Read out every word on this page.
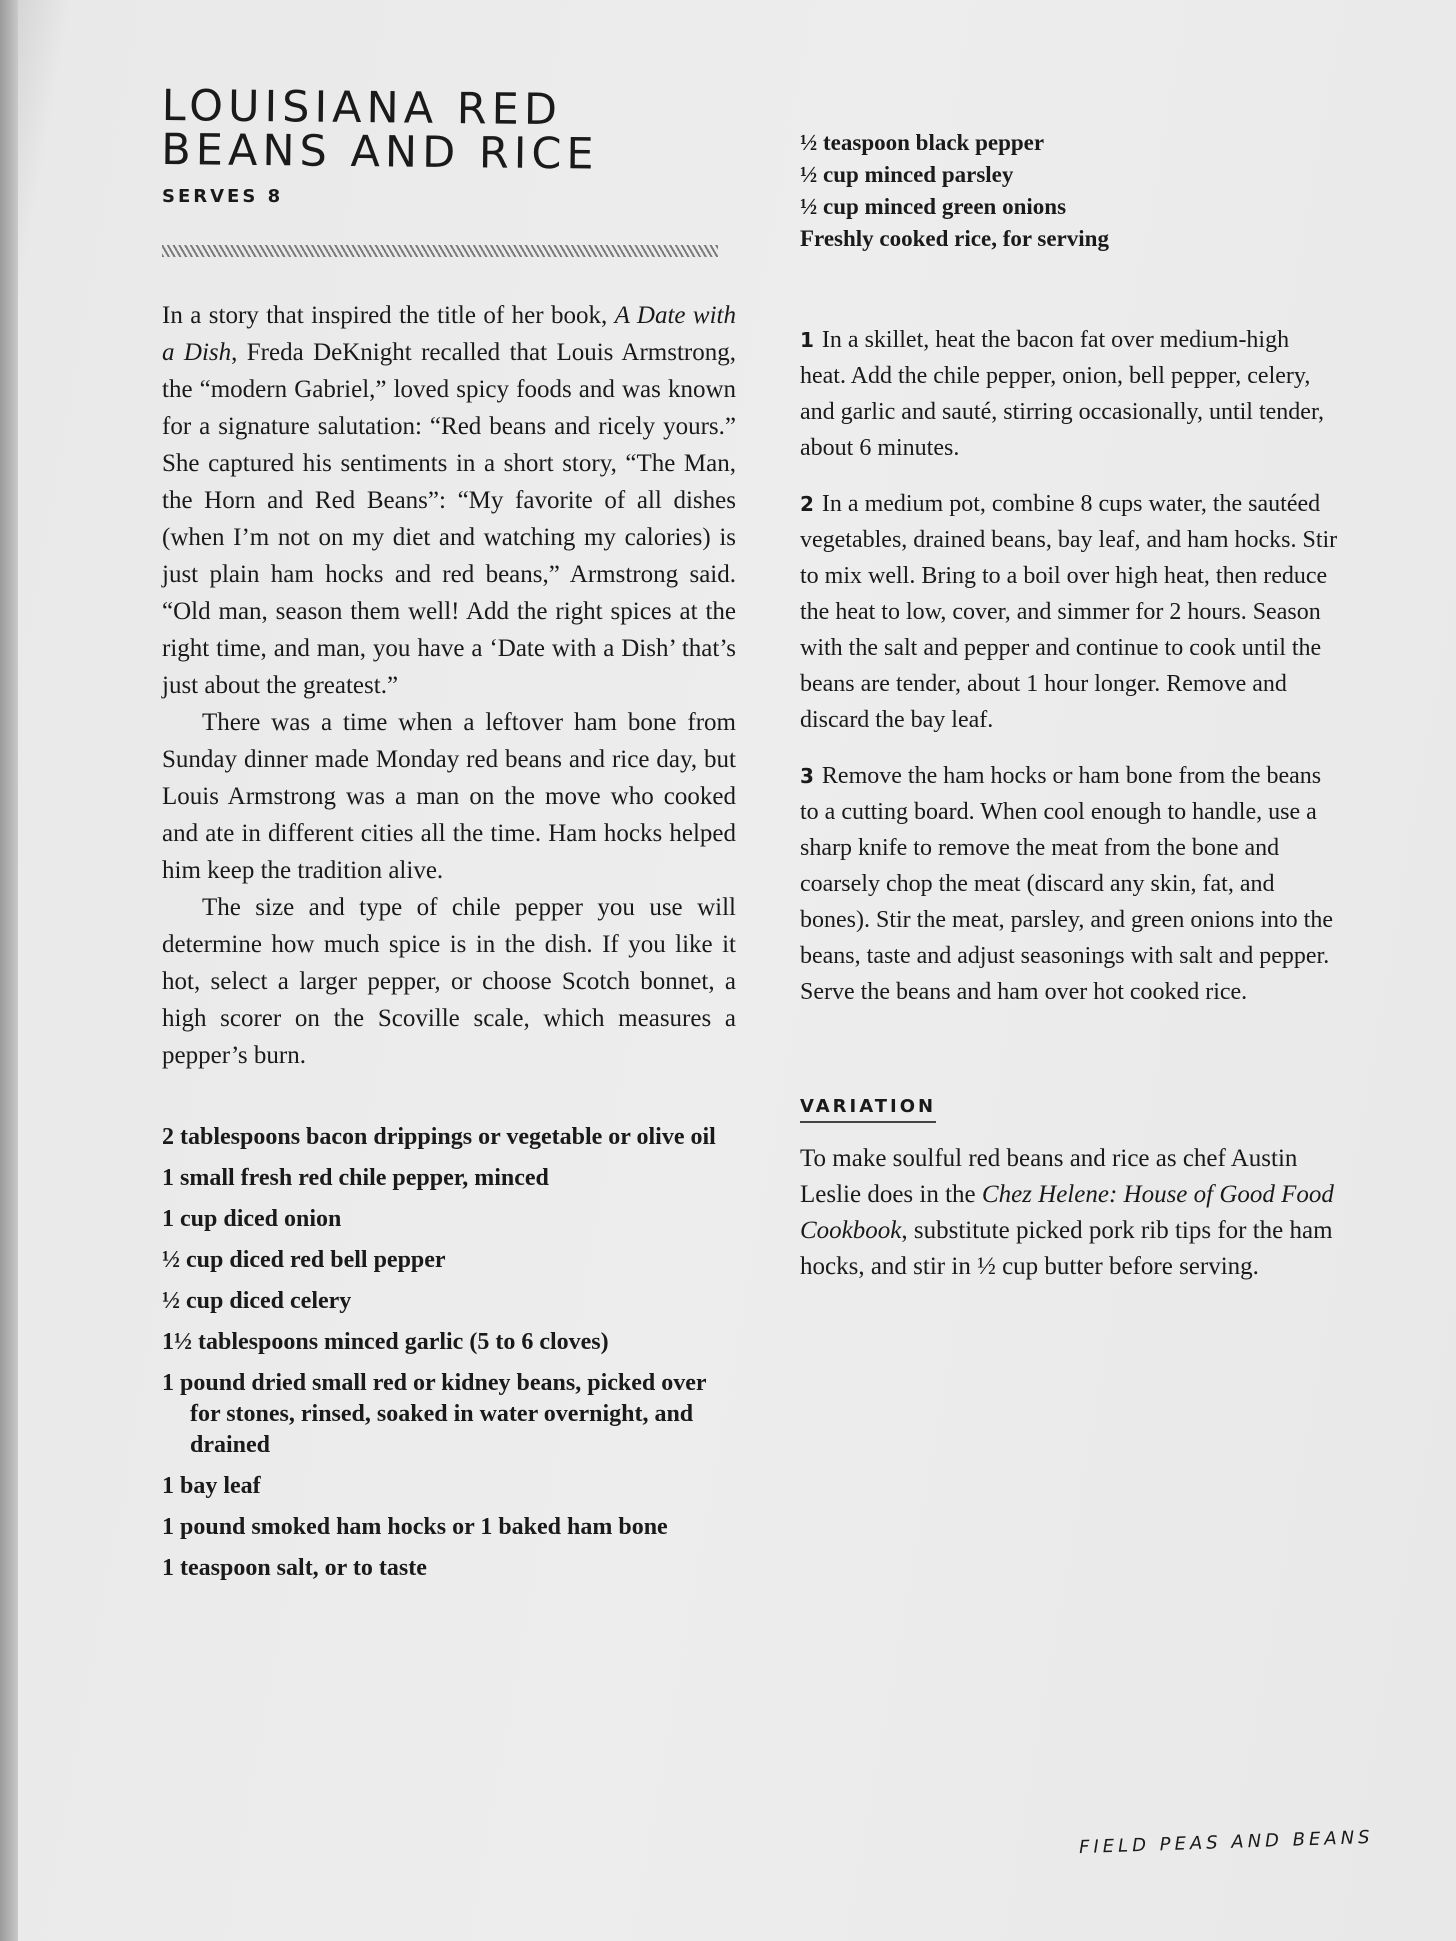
LOUISIANA RED BEANS AND RICE
SERVES 8

In a story that inspired the title of her book, A Date with a Dish, Freda DeKnight recalled that Louis Armstrong, the “modern Gabriel,” loved spicy foods and was known for a signature salutation: “Red beans and ricely yours.” She captured his sentiments in a short story, “The Man, the Horn and Red Beans”: “My favorite of all dishes (when I’m not on my diet and watching my calories) is just plain ham hocks and red beans,” Armstrong said. “Old man, season them well! Add the right spices at the right time, and man, you have a ‘Date with a Dish’ that’s just about the greatest.”

There was a time when a leftover ham bone from Sunday dinner made Monday red beans and rice day, but Louis Armstrong was a man on the move who cooked and ate in different cities all the time. Ham hocks helped him keep the tradition alive.

The size and type of chile pepper you use will determine how much spice is in the dish. If you like it hot, select a larger pepper, or choose Scotch bonnet, a high scorer on the Scoville scale, which measures a pepper’s burn.

2 tablespoons bacon drippings or vegetable or olive oil
1 small fresh red chile pepper, minced
1 cup diced onion
½ cup diced red bell pepper
½ cup diced celery
1½ tablespoons minced garlic (5 to 6 cloves)
1 pound dried small red or kidney beans, picked over for stones, rinsed, soaked in water overnight, and drained
1 bay leaf
1 pound smoked ham hocks or 1 baked ham bone
1 teaspoon salt, or to taste
½ teaspoon black pepper
½ cup minced parsley
½ cup minced green onions
Freshly cooked rice, for serving

1 In a skillet, heat the bacon fat over medium-high heat. Add the chile pepper, onion, bell pepper, celery, and garlic and sauté, stirring occasionally, until tender, about 6 minutes.

2 In a medium pot, combine 8 cups water, the sautéed vegetables, drained beans, bay leaf, and ham hocks. Stir to mix well. Bring to a boil over high heat, then reduce the heat to low, cover, and simmer for 2 hours. Season with the salt and pepper and continue to cook until the beans are tender, about 1 hour longer. Remove and discard the bay leaf.

3 Remove the ham hocks or ham bone from the beans to a cutting board. When cool enough to handle, use a sharp knife to remove the meat from the bone and coarsely chop the meat (discard any skin, fat, and bones). Stir the meat, parsley, and green onions into the beans, taste and adjust seasonings with salt and pepper. Serve the beans and ham over hot cooked rice.

VARIATION

To make soulful red beans and rice as chef Austin Leslie does in the Chez Helene: House of Good Food Cookbook, substitute picked pork rib tips for the ham hocks, and stir in ½ cup butter before serving.

FIELD PEAS AND BEANS
